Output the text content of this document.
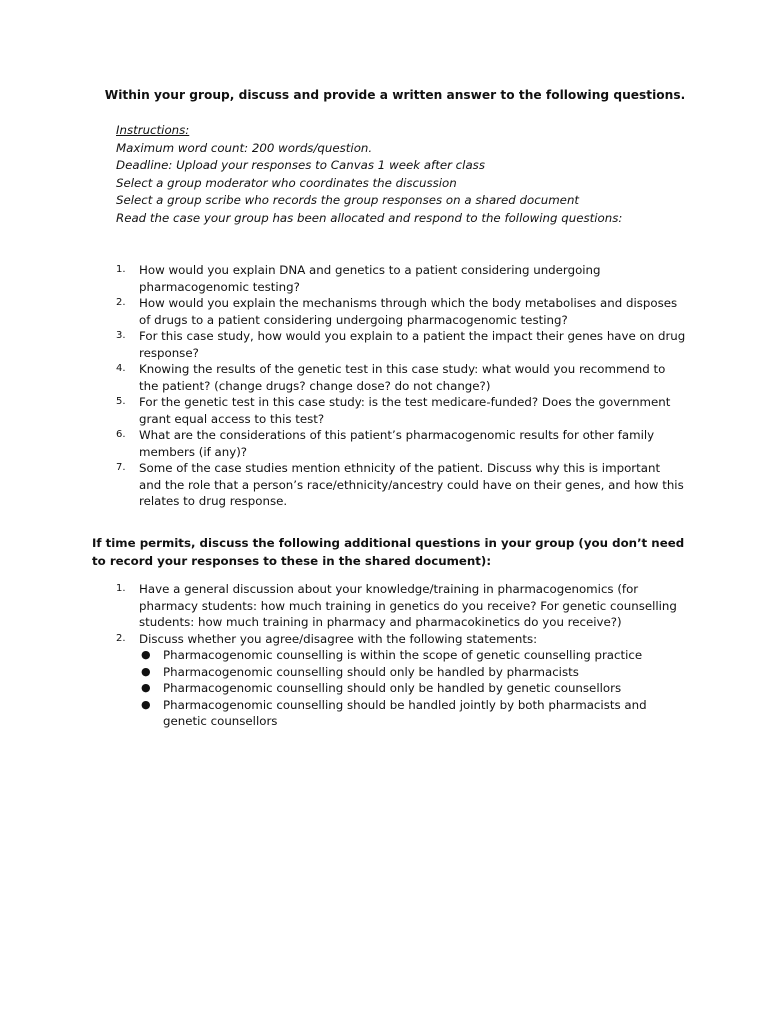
Within your group, discuss and provide a written answer to the following questions.
Instructions:
Maximum word count: 200 words/question.
Deadline: Upload your responses to Canvas 1 week after class
Select a group moderator who coordinates the discussion
Select a group scribe who records the group responses on a shared document
Read the case your group has been allocated and respond to the following questions:
1. How would you explain DNA and genetics to a patient considering undergoing pharmacogenomic testing?
2. How would you explain the mechanisms through which the body metabolises and disposes of drugs to a patient considering undergoing pharmacogenomic testing?
3. For this case study, how would you explain to a patient the impact their genes have on drug response?
4. Knowing the results of the genetic test in this case study: what would you recommend to the patient? (change drugs? change dose? do not change?)
5. For the genetic test in this case study: is the test medicare-funded? Does the government grant equal access to this test?
6. What are the considerations of this patient’s pharmacogenomic results for other family members (if any)?
7. Some of the case studies mention ethnicity of the patient. Discuss why this is important and the role that a person’s race/ethnicity/ancestry could have on their genes, and how this relates to drug response.
If time permits, discuss the following additional questions in your group (you don’t need to record your responses to these in the shared document):
1. Have a general discussion about your knowledge/training in pharmacogenomics (for pharmacy students: how much training in genetics do you receive? For genetic counselling students: how much training in pharmacy and pharmacokinetics do you receive?)
2. Discuss whether you agree/disagree with the following statements:
● Pharmacogenomic counselling is within the scope of genetic counselling practice
● Pharmacogenomic counselling should only be handled by pharmacists
● Pharmacogenomic counselling should only be handled by genetic counsellors
● Pharmacogenomic counselling should be handled jointly by both pharmacists and genetic counsellors
